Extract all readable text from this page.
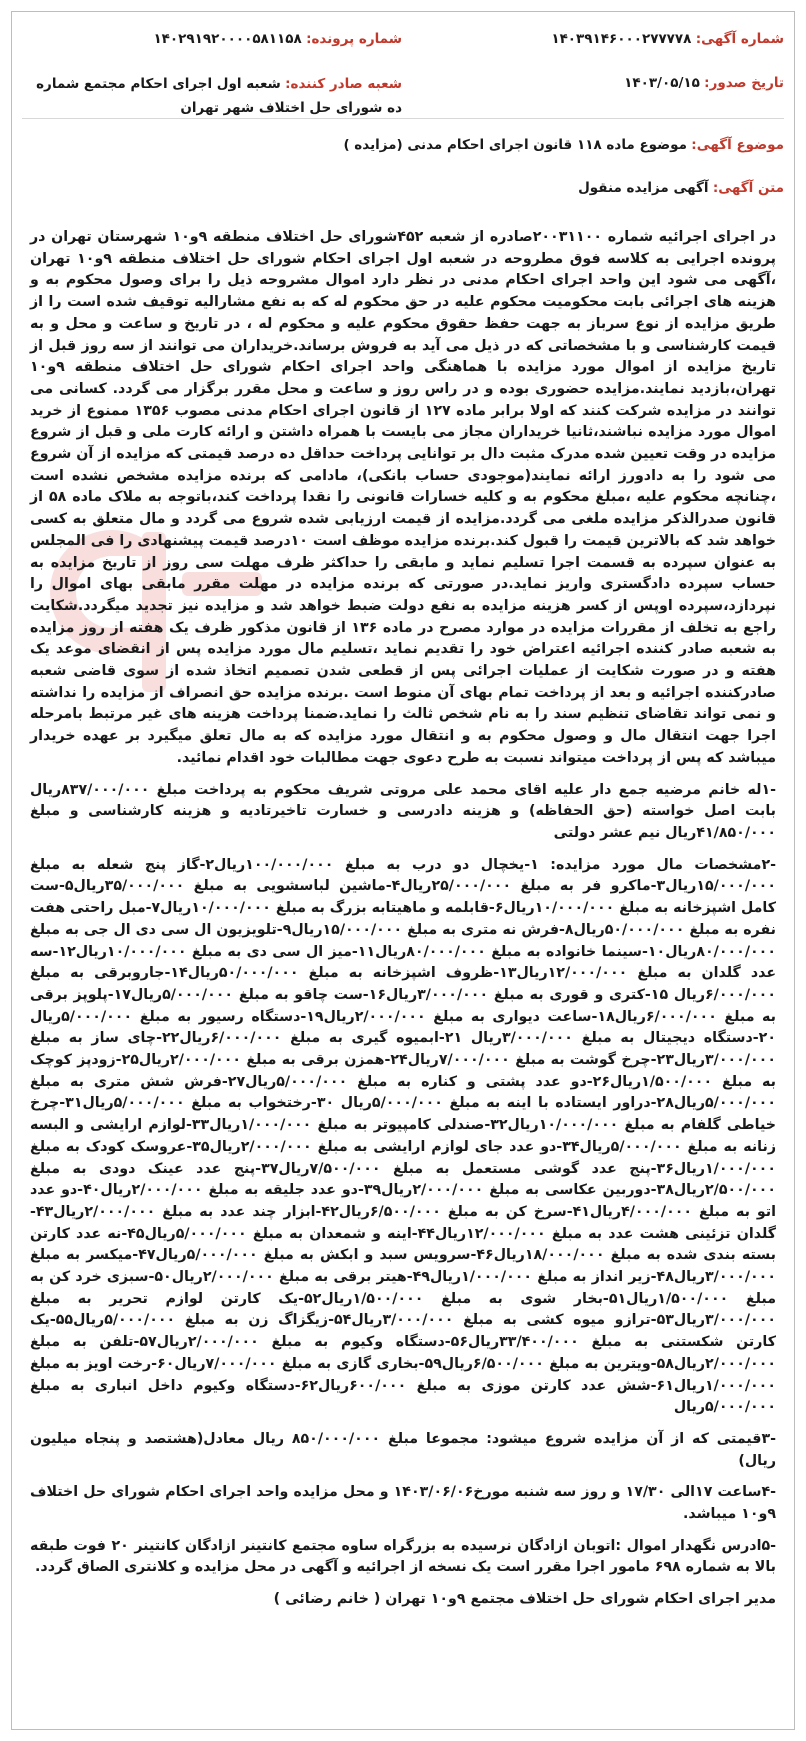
شماره آگهی: ۱۴۰۳۹۱۴۶۰۰۰۲۷۷۷۷۸
شماره پرونده: ۱۴۰۲۹۱۹۲۰۰۰۰۵۸۱۱۵۸
تاریخ صدور: ۱۴۰۳/۰۵/۱۵
شعبه صادر کننده: شعبه اول اجرای احکام مجتمع شماره ده شورای حل اختلاف شهر تهران
موضوع آگهی: موضوع ماده ۱۱۸ قانون اجرای احکام مدنی (مزایده )
متن آگهی: آگهی مزایده منقول

در اجرای اجرائیه شماره ۲۰۰۳۱۱۰۰صادره از شعبه ۴۵۲شورای حل اختلاف منطقه ۹و۱۰ شهرستان تهران در پرونده اجرایی به کلاسه فوق مطروحه در شعبه اول اجرای احکام شورای حل اختلاف منطقه ۹و۱۰ تهران ،آگهی می شود این واحد اجرای احکام مدنی در نظر دارد اموال مشروحه ذیل را برای وصول محکوم به و هزینه های اجرائی بابت محکومیت محکوم علیه در حق محکوم له که به نفع مشارالیه توقیف شده است را از طریق مزایده از نوع سرباز به جهت حفظ حقوق محکوم علیه و محکوم له ، در تاریخ و ساعت و محل و به قیمت کارشناسی و با مشخصاتی که در ذیل می آید به فروش برساند.خریداران می توانند از سه روز قبل از تاریخ مزایده از اموال مورد مزایده با هماهنگی واحد اجرای احکام شورای حل اختلاف منطقه ۹و۱۰ تهران،بازدید نمایند.مزایده حضوری بوده و در راس روز و ساعت و محل مقرر برگزار می گردد. کسانی می توانند در مزایده شرکت کنند که اولا برابر ماده ۱۲۷ از قانون اجرای احکام مدنی مصوب ۱۳۵۶ ممنوع از خرید اموال مورد مزایده نباشند،ثانیا خریداران مجاز می بایست با همراه داشتن و ارائه کارت ملی و قبل از شروع مزایده در وقت تعیین شده مدرک مثبت دال بر توانایی پرداخت حداقل ده درصد قیمتی که مزایده از آن شروع می شود را به دادورز ارائه نمایند(موجودی حساب بانکی)، مادامی که برنده مزایده مشخص نشده است ،چنانچه محکوم علیه ،مبلغ محکوم به و کلیه خسارات قانونی را نقدا پرداخت کند،باتوجه به ملاک ماده ۵۸ از قانون صدرالذکر مزایده ملغی می گردد.مزایده از قیمت ارزیابی شده شروع می گردد و مال متعلق به کسی خواهد شد که بالاترین قیمت را قبول کند.برنده مزایده موظف است ۱۰درصد قیمت پیشنهادی را فی المجلس به عنوان سپرده به قسمت اجرا تسلیم نماید و مابقی را حداکثر ظرف مهلت سی روز از تاریخ مزایده به حساب سپرده دادگستری واریز نماید.در صورتی که برنده مزایده در مهلت مقرر مابقی بهای اموال را نپردازد،سپرده اوپس از کسر هزینه مزایده به نفع دولت ضبط خواهد شد و مزایده نیز تجدید میگردد.شکایت راجع به تخلف از مقررات مزایده در موارد مصرح در ماده ۱۳۶ از قانون مذکور ظرف یک هفته از روز مزایده به شعبه صادر کننده اجرائیه اعتراض خود را تقدیم نماید ،تسلیم مال مورد مزایده پس از انقضای موعد یک هفته و در صورت شکایت از عملیات اجرائی پس از قطعی شدن تصمیم اتخاذ شده از سوی قاضی شعبه صادرکننده اجرائیه و بعد از پرداخت تمام بهای آن منوط است .برنده مزایده حق انصراف از مزایده را نداشته و نمی تواند تقاضای تنظیم سند را به نام شخص ثالث را نماید.ضمنا پرداخت هزینه های غیر مرتبط بامرحله اجرا جهت انتقال مال و وصول محکوم به و انتقال مورد مزایده که به مال تعلق میگیرد بر عهده خریدار میباشد که پس از پرداخت میتواند نسبت به طرح دعوی جهت مطالبات خود اقدام نمائید.

-۱له خانم مرضیه جمع دار علیه اقای محمد علی مروتی شریف محکوم به پرداخت مبلغ ۸۳۷/۰۰۰/۰۰۰ریال بابت اصل خواسته (حق الحفاظه) و هزینه دادرسی و خسارت تاخیرتادیه و هزینه کارشناسی و مبلغ ۴۱/۸۵۰/۰۰۰ریال نیم عشر دولتی

-۲مشخصات مال مورد مزایده: ۱-یخچال دو درب به مبلغ ۱۰۰/۰۰۰/۰۰۰ریال۲-گاز پنج شعله به مبلغ ۱۵/۰۰۰/۰۰۰ریال۳-ماکرو فر به مبلغ ۲۵/۰۰۰/۰۰۰ریال۴-ماشین لباسشویی به مبلغ ۳۵/۰۰۰/۰۰۰ریال۵-ست کامل اشپزخانه به مبلغ ۱۰/۰۰۰/۰۰۰ریال۶-قابلمه و ماهیتابه بزرگ به مبلغ ۱۰/۰۰۰/۰۰۰ریال۷-مبل راحتی هفت نفره به مبلغ ۵۰/۰۰۰/۰۰۰ریال۸-فرش نه متری به مبلغ ۱۵/۰۰۰/۰۰۰ریال۹-تلویزیون ال سی دی ال جی به مبلغ ۸۰/۰۰۰/۰۰۰ریال۱۰-سینما خانواده به مبلغ ۸۰/۰۰۰/۰۰۰ریال۱۱-میز ال سی دی به مبلغ ۱۰/۰۰۰/۰۰۰ریال۱۲-سه عدد گلدان به مبلغ ۱۲/۰۰۰/۰۰۰ریال۱۳-ظروف اشپزخانه به مبلغ ۵۰/۰۰۰/۰۰۰ریال۱۴-جاروبرقی به مبلغ ۶/۰۰۰/۰۰۰ریال ۱۵-کتری و قوری به مبلغ ۳/۰۰۰/۰۰۰ریال۱۶-ست چاقو به مبلغ ۵/۰۰۰/۰۰۰ریال۱۷-پلوپز برقی به مبلغ ۶/۰۰۰/۰۰۰ریال۱۸-ساعت دیواری به مبلغ ۲/۰۰۰/۰۰۰ریال۱۹-دستگاه رسیور به مبلغ ۵/۰۰۰/۰۰۰ریال ۲۰-دستگاه دیجیتال به مبلغ ۳/۰۰۰/۰۰۰ریال ۲۱-ابمیوه گیری به مبلغ ۶/۰۰۰/۰۰۰ریال۲۲-چای ساز به مبلغ ۳/۰۰۰/۰۰۰ریال۲۳-چرخ گوشت به مبلغ ۷/۰۰۰/۰۰۰ریال۲۴-همزن برقی به مبلغ ۲/۰۰۰/۰۰۰ریال۲۵-زودپز کوچک به مبلغ ۱/۵۰۰/۰۰۰ریال۲۶-دو عدد پشتی و کناره به مبلغ ۵/۰۰۰/۰۰۰ریال۲۷-فرش شش متری به مبلغ ۵/۰۰۰/۰۰۰ریال۲۸-دراور ایستاده با اینه به مبلغ ۵/۰۰۰/۰۰۰ریال ۳۰-رختخواب به مبلغ ۵/۰۰۰/۰۰۰ریال۳۱-چرخ خیاطی گلفام به مبلغ ۱۰/۰۰۰/۰۰۰ریال۳۲-صندلی کامپیوتر به مبلغ ۱/۰۰۰/۰۰۰ریال۳۳-لوازم ارایشی و البسه زنانه به مبلغ ۵/۰۰۰/۰۰۰ریال۳۴-دو عدد جای لوازم ارایشی به مبلغ ۲/۰۰۰/۰۰۰ریال۳۵-عروسک کودک به مبلغ ۱/۰۰۰/۰۰۰ریال۳۶-پنج عدد گوشی مستعمل به مبلغ ۷/۵۰۰/۰۰۰ریال۳۷-پنج عدد عینک دودی به مبلغ ۲/۵۰۰/۰۰۰ریال۳۸-دوربین عکاسی به مبلغ ۲/۰۰۰/۰۰۰ریال۳۹-دو عدد جلیقه به مبلغ ۲/۰۰۰/۰۰۰ریال۴۰-دو عدد اتو به مبلغ ۴/۰۰۰/۰۰۰ریال۴۱-سرخ کن به مبلغ ۶/۵۰۰/۰۰۰ریال۴۲-ابزار چند عدد به مبلغ ۲/۰۰۰/۰۰۰ریال۴۳-گلدان تزئینی هشت عدد به مبلغ ۱۲/۰۰۰/۰۰۰ریال۴۴-اینه و شمعدان به مبلغ ۵/۰۰۰/۰۰۰ریال۴۵-نه عدد کارتن بسته بندی شده به مبلغ ۱۸/۰۰۰/۰۰۰ریال۴۶-سرویس سبد و ابکش به مبلغ ۵/۰۰۰/۰۰۰ریال۴۷-میکسر به مبلغ ۳/۰۰۰/۰۰۰ریال۴۸-زیر انداز به مبلغ ۱/۰۰۰/۰۰۰ریال۴۹-هیتر برقی به مبلغ ۲/۰۰۰/۰۰۰ریال۵۰-سبزی خرد کن به مبلغ ۱/۵۰۰/۰۰۰ریال۵۱-بخار شوی به مبلغ ۱/۵۰۰/۰۰۰ریال۵۲-یک کارتن لوازم تحریر به مبلغ ۳/۰۰۰/۰۰۰ریال۵۳-ترازو میوه کشی به مبلغ ۳/۰۰۰/۰۰۰ریال۵۴-زیگزاگ زن به مبلغ ۵/۰۰۰/۰۰۰ریال۵۵-یک کارتن شکستنی به مبلغ ۳۳/۴۰۰/۰۰۰ریال۵۶-دستگاه وکیوم به مبلغ ۲/۰۰۰/۰۰۰ریال۵۷-تلفن به مبلغ ۲/۰۰۰/۰۰۰ریال۵۸-ویترین به مبلغ ۶/۵۰۰/۰۰۰ریال۵۹-بخاری گازی به مبلغ ۷/۰۰۰/۰۰۰ریال۶۰-رخت اویز به مبلغ ۱/۰۰۰/۰۰۰ریال۶۱-شش عدد کارتن موزی به مبلغ ۶۰۰/۰۰۰ریال۶۲-دستگاه وکیوم داخل انباری به مبلغ ۵/۰۰۰/۰۰۰ریال

-۳قیمتی که از آن مزایده شروع میشود: مجموعا مبلغ ۸۵۰/۰۰۰/۰۰۰ ریال معادل(هشتصد و پنجاه میلیون ریال)

-۴ساعت ۱۷الی ۱۷/۳۰ و روز سه شنبه مورخ۱۴۰۳/۰۶/۰۶ و محل مزایده واحد اجرای احکام شورای حل اختلاف ۹و۱۰ میباشد.

-۵ادرس نگهدار اموال :اتوبان ازادگان نرسیده به بزرگراه ساوه مجتمع کانتینر ازادگان کانتینر ۲۰ فوت طبقه بالا به شماره ۶۹۸ مامور اجرا مقرر است یک نسخه از اجرائیه و آگهی در محل مزایده و کلانتری الصاق گردد.

مدیر اجرای احکام شورای حل اختلاف مجتمع ۹و۱۰ تهران ( خانم رضائی )
